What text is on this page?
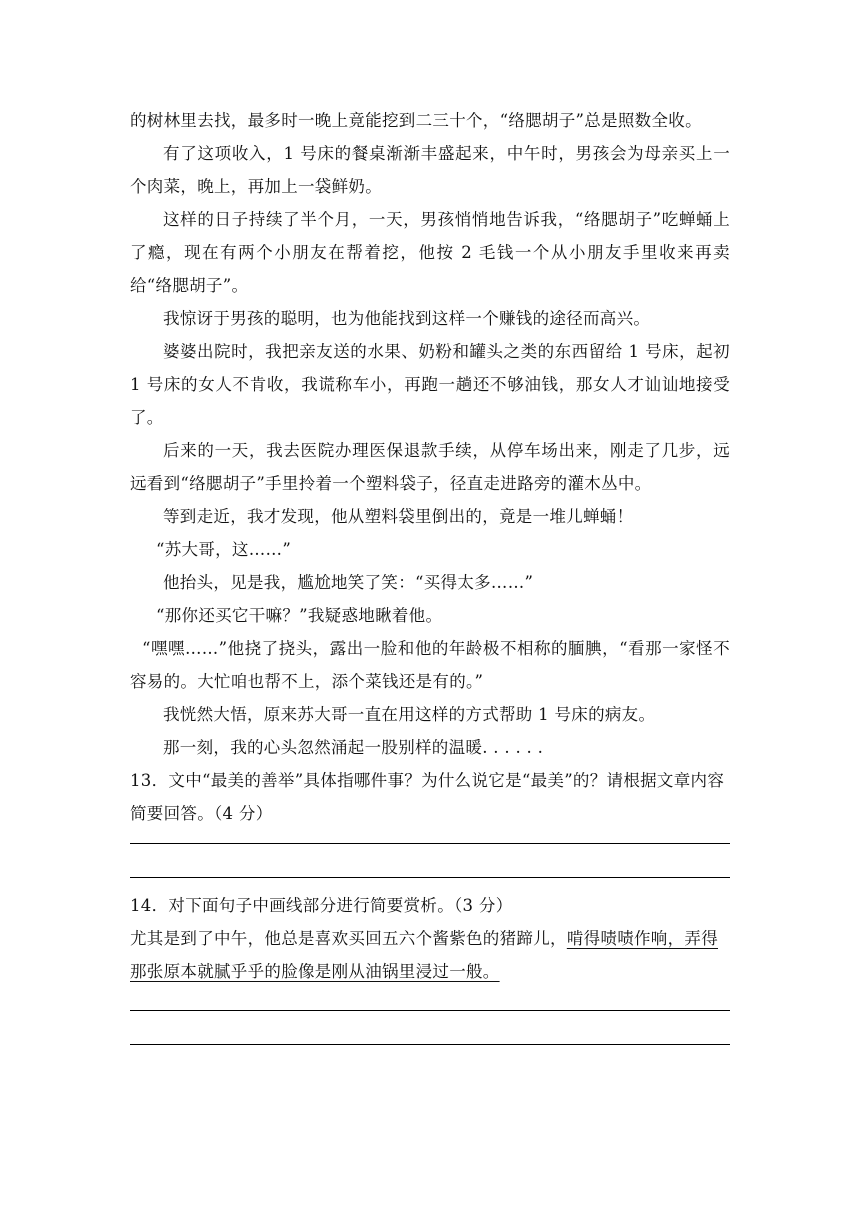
的树林里去找，最多时一晚上竟能挖到二三十个，“络腮胡子”总是照数全收。

有了这项收入，1 号床的餐桌渐渐丰盛起来，中午时，男孩会为母亲买上一个肉菜，晚上，再加上一袋鲜奶。

这样的日子持续了半个月，一天，男孩悄悄地告诉我，“络腮胡子”吃蝉蛹上了瘾，现在有两个小朋友在帮着挖，他按 2 毛钱一个从小朋友手里收来再卖给“络腮胡子”。

我惊讶于男孩的聪明，也为他能找到这样一个赚钱的途径而高兴。

婆婆出院时，我把亲友送的水果、奶粉和罐头之类的东西留给 1 号床，起初 1 号床的女人不肯收，我谎称车小，再跑一趟还不够油钱，那女人才讪讪地接受了。

后来的一天，我去医院办理医保退款手续，从停车场出来，刚走了几步，远远看到“络腮胡子”手里拎着一个塑料袋子，径直走进路旁的灌木丛中。

等到走近，我才发现，他从塑料袋里倒出的，竟是一堆儿蝉蛹！

“苏大哥，这……”

他抬头，见是我，尴尬地笑了笑：“买得太多……”

“那你还买它干嘛？”我疑惑地瞅着他。

“嘿嘿……”他挠了挠头，露出一脸和他的年龄极不相称的腼腆，“看那一家怪不容易的。大忙咱也帮不上，添个菜钱还是有的。”

我恍然大悟，原来苏大哥一直在用这样的方式帮助 1 号床的病友。

那一刻，我的心头忽然涌起一股别样的温暖. . . . . .

13．文中“最美的善举”具体指哪件事？为什么说它是“最美”的？请根据文章内容简要回答。（4 分）

14．对下面句子中画线部分进行简要赏析。（3 分）

尤其是到了中午，他总是喜欢买回五六个酱紫色的猪蹄儿，啃得啧啧作响，弄得那张原本就腻乎乎的脸像是刚从油锅里浸过一般。
